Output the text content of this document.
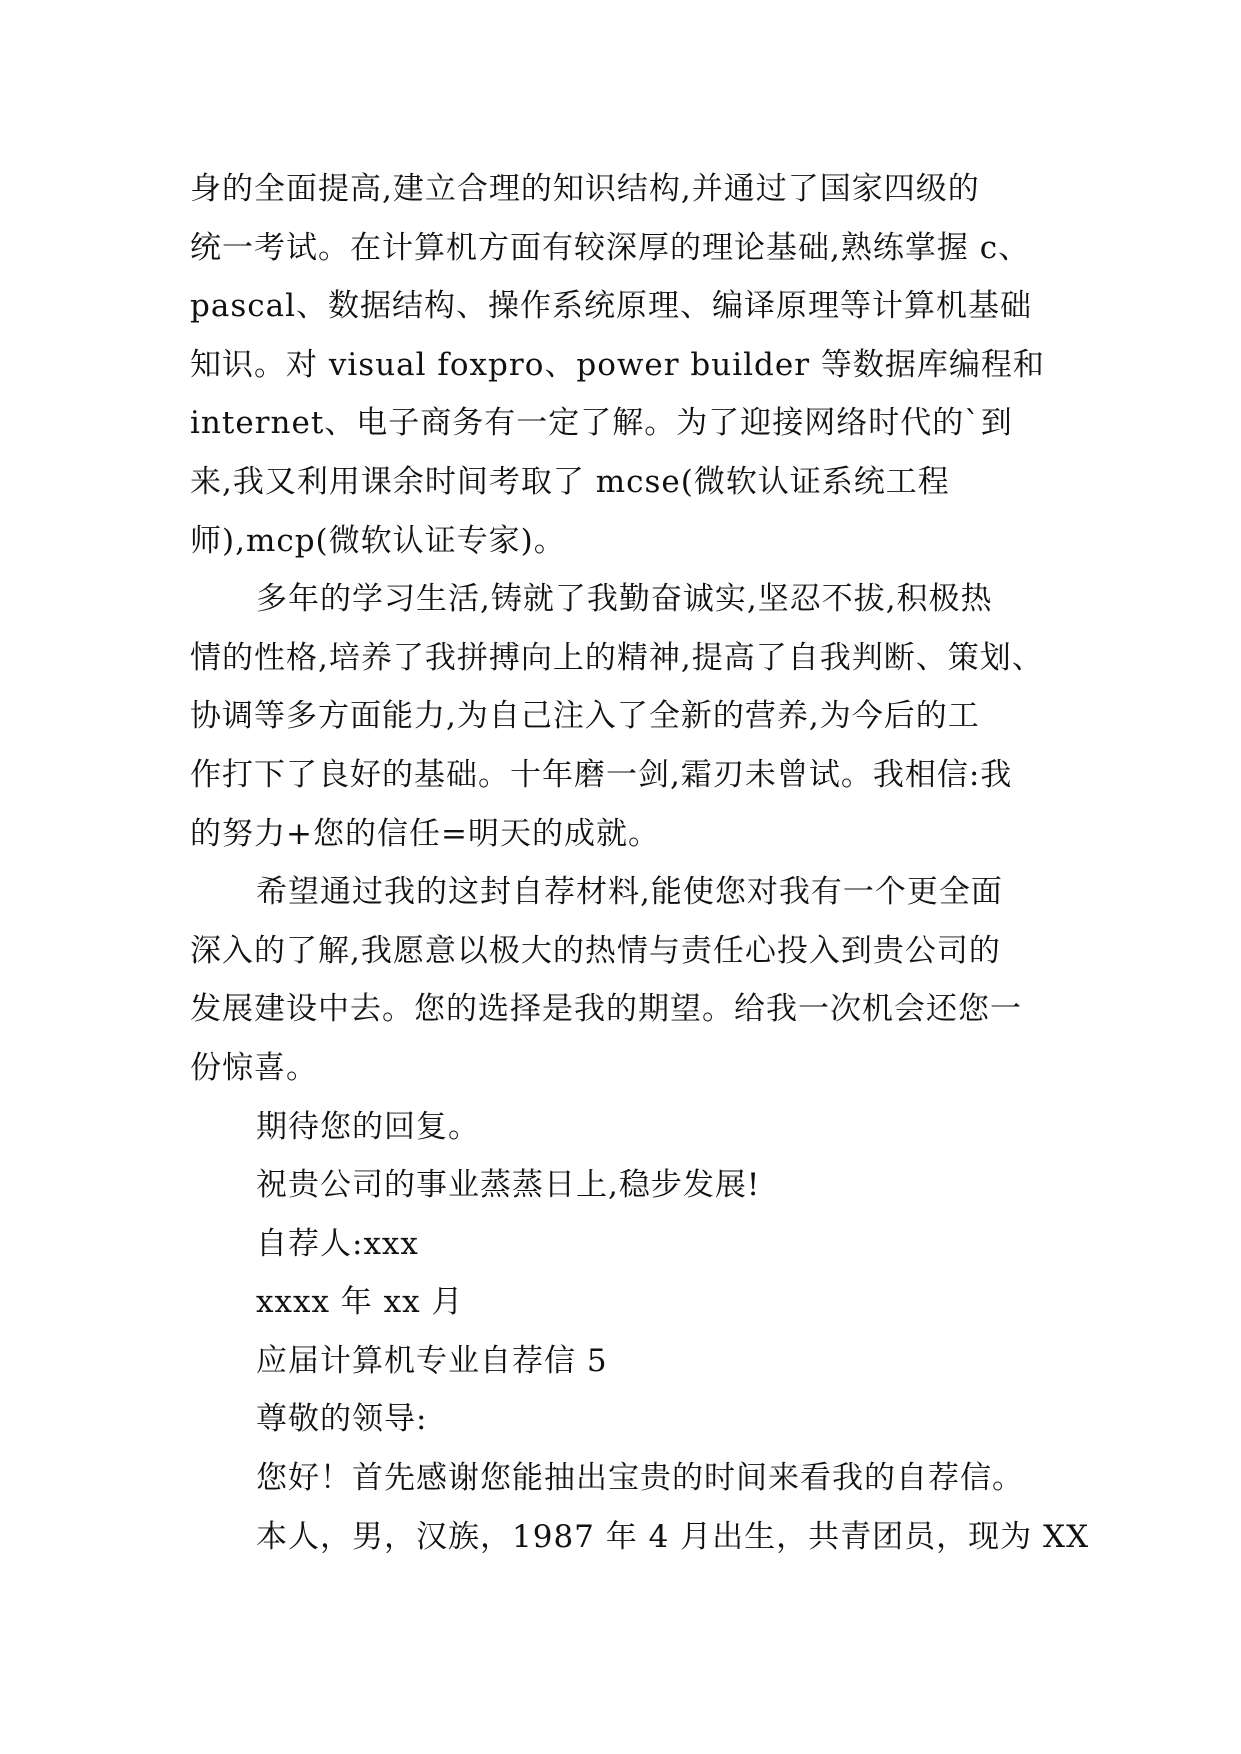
身的全面提高,建立合理的知识结构,并通过了国家四级的
统一考试。在计算机方面有较深厚的理论基础,熟练掌握 c、
pascal、数据结构、操作系统原理、编译原理等计算机基础
知识。对 visual foxpro、power builder 等数据库编程和
internet、电子商务有一定了解。为了迎接网络时代的`到
来,我又利用课余时间考取了 mcse(微软认证系统工程
师),mcp(微软认证专家)。
多年的学习生活,铸就了我勤奋诚实,坚忍不拔,积极热
情的性格,培养了我拼搏向上的精神,提高了自我判断、策划、
协调等多方面能力,为自己注入了全新的营养,为今后的工
作打下了良好的基础。十年磨一剑,霜刃未曾试。我相信:我
的努力+您的信任=明天的成就。
希望通过我的这封自荐材料,能使您对我有一个更全面
深入的了解,我愿意以极大的热情与责任心投入到贵公司的
发展建设中去。您的选择是我的期望。给我一次机会还您一
份惊喜。
期待您的回复。
祝贵公司的事业蒸蒸日上,稳步发展!
自荐人:xxx
xxxx 年 xx 月
应届计算机专业自荐信 5
尊敬的领导:
您好！首先感谢您能抽出宝贵的时间来看我的自荐信。
本人，男，汉族，1987 年 4 月出生，共青团员，现为 XX
